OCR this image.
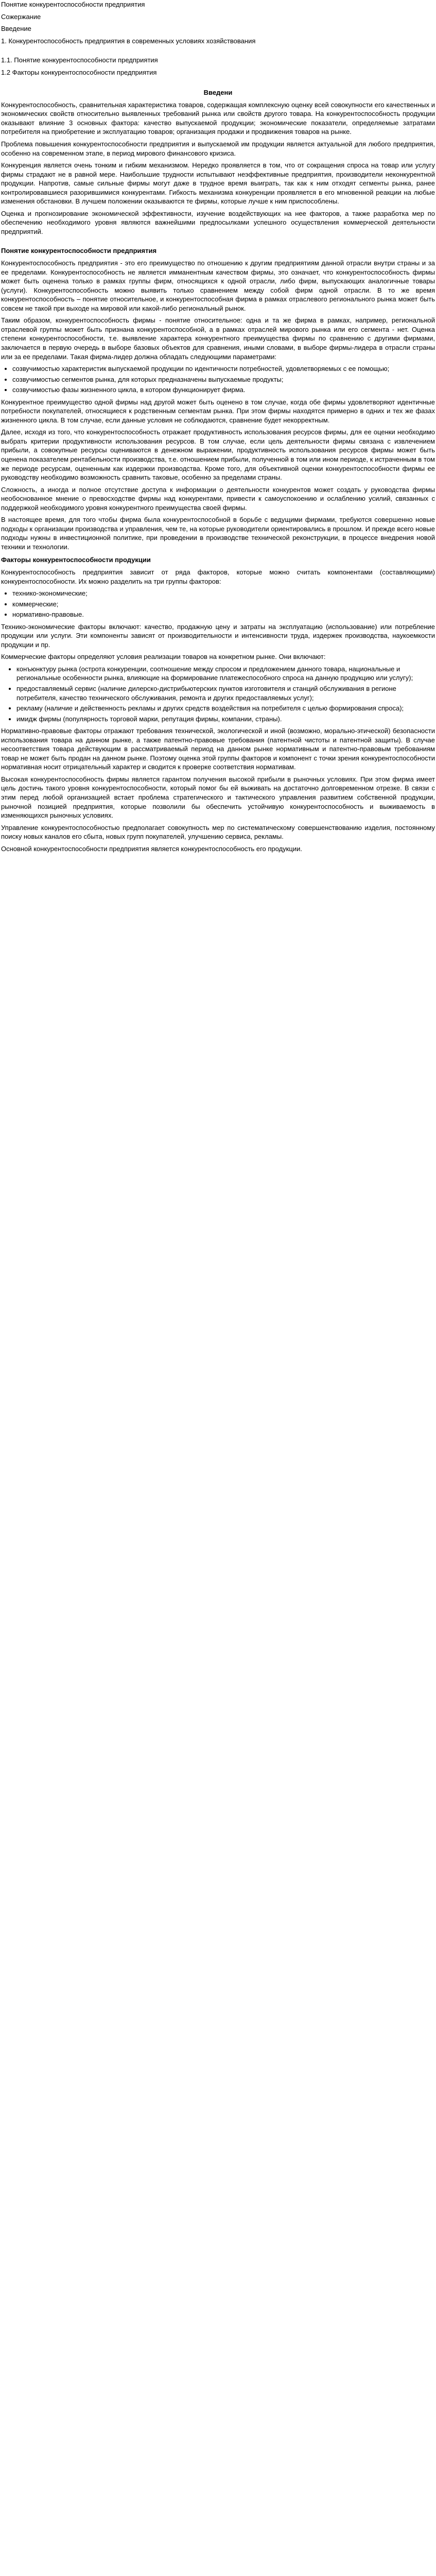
Понятие конкурентоспособности предприятия
Сожержание
Введение
1. Конкурентоспособность предприятия в современных условиях хозяйствования
1.1. Понятие конкурентоспособности предприятия
1.2 Факторы конкурентоспособности предприятия
Введени

Конкурентоспособность, сравнительная характеристика товаров, содержащая комплексную оценку всей совокупности его качественных и экономических свойств относительно выявленных требований рынка или свойств другого товара. На конкурентоспособность продукции оказывают влияние 3 основных фактора: качество выпускаемой продукции; экономические показатели, определяемые затратами потребителя на приобретение и эксплуатацию товаров; организация продажи и продвижения товаров на рынке.

Проблема повышения конкурентоспособности предприятия и выпускаемой им продукции является актуальной для любого предприятия, особенно на современном этапе, в период мирового финансового кризиса.

Конкуренция является очень тонким и гибким механизмом. Нередко проявляется в том, что от сокращения спроса на товар или услугу фирмы страдают не в равной мере. Наибольшие трудности испытывают неэффективные предприятия, производители неконкурентной продукции. Напротив, самые сильные фирмы могут даже в трудное время выиграть, так как к ним отходят сегменты рынка, ранее контролировавшиеся разорившимися конкурентами. Гибкость механизма конкуренции проявляется в его мгновенной реакции на любые изменения обстановки. В лучшем положении оказываются те фирмы, которые лучше к ним приспособлены.

Оценка и прогнозирование экономической эффективности, изучение воздействующих на нее факторов, а также разработка мер по обеспечению необходимого уровня являются важнейшими предпосылками успешного осуществления коммерческой деятельности предприятий.

Понятие конкурентоспособности предприятия

Конкурентоспособность предприятия - это его преимущество по отношению к другим предприятиям данной отрасли внутри страны и за ее пределами. Конкурентоспособность не является имманентным качеством фирмы, это означает, что конкурентоспособность фирмы может быть оценена только в рамках группы фирм, относящихся к одной отрасли, либо фирм, выпускающих аналогичные товары (услуги). Конкурентоспособность можно выявить только сравнением между собой фирм одной отрасли. В то же время конкурентоспособность – понятие относительное, и конкурентоспособная фирма в рамках отраслевого регионального рынка может быть совсем не такой при выходе на мировой или какой-либо региональный рынок.

Таким образом, конкурентоспособность фирмы - понятие относительное: одна и та же фирма в рамках, например, региональной отраслевой группы может быть признана конкурентоспособной, а в рамках отраслей мирового рынка или его сегмента - нет. Оценка степени конкурентоспособности, т.е. выявление характера конкурентного преимущества фирмы по сравнению с другими фирмами, заключается в первую очередь в выборе базовых объектов для сравнения, иными словами, в выборе фирмы-лидера в отрасли страны или за ее пределами. Такая фирма-лидер должна обладать следующими параметрами:

• созвучимостью характеристик выпускаемой продукции по идентичности потребностей, удовлетворяемых с ее помощью;
• созвучимостью сегментов рынка, для которых предназначены выпускаемые продукты;
• созвучимостью фазы жизненного цикла, в котором функционирует фирма.

Конкурентное преимущество одной фирмы над другой может быть оценено в том случае, когда обе фирмы удовлетворяют идентичные потребности покупателей, относящиеся к родственным сегментам рынка. При этом фирмы находятся примерно в одних и тех же фазах жизненного цикла. В том случае, если данные условия не соблюдаются, сравнение будет некорректным.

Далее, исходя из того, что конкурентоспособность отражает продуктивность использования ресурсов фирмы, для ее оценки необходимо выбрать критерии продуктивности использования ресурсов. В том случае, если цель деятельности фирмы связана с извлечением прибыли, а совокупные ресурсы оцениваются в денежном выражении, продуктивность использования ресурсов фирмы может быть оценена показателем рентабельности производства, т.е. отношением прибыли, полученной в том или ином периоде, к истраченным в том же периоде ресурсам, оцененным как издержки производства. Кроме того, для объективной оценки конкурентоспособности фирмы ее руководству необходимо возможность сравнить таковые, особенно за пределами страны.

Сложность, а иногда и полное отсутствие доступа к информации о деятельности конкурентов может создать у руководства фирмы необоснованное мнение о превосходстве фирмы над конкурентами, привести к самоуспокоению и ослаблению усилий, связанных с поддержкой необходимого уровня конкурентного преимущества своей фирмы.

В настоящее время, для того чтобы фирма была конкурентоспособной в борьбе с ведущими фирмами, требуются совершенно новые подходы к организации производства и управления, чем те, на которые руководители ориентировались в прошлом. И прежде всего новые подходы нужны в инвестиционной политике, при проведении в производстве технической реконструкции, в процессе внедрения новой техники и технологии.

Факторы конкурентоспособности продукции

Конкурентоспособность предприятия зависит от ряда факторов, которые можно считать компонентами (составляющими) конкурентоспособности. Их можно разделить на три группы факторов:

• технико-экономические;
• коммерческие;
• нормативно-правовые.

Технико-экономические факторы включают: качество, продажную цену и затраты на эксплуатацию (использование) или потребление продукции или услуги. Эти компоненты зависят от производительности и интенсивности труда, издержек производства, наукоемкости продукции и пр.

Коммерческие факторы определяют условия реализации товаров на конкретном рынке. Они включают:

• конъюнктуру рынка (острота конкуренции, соотношение между спросом и предложением данного товара, национальные и региональные особенности рынка, влияющие на формирование платежеспособного спроса на данную продукцию или услугу);
• предоставляемый сервис (наличие дилерско-дистрибьютерских пунктов изготовителя и станций обслуживания в регионе потребителя, качество технического обслуживания, ремонта и других предоставляемых услуг);
• рекламу (наличие и действенность рекламы и других средств воздействия на потребителя с целью формирования спроса);
• имидж фирмы (популярность торговой марки, репутация фирмы, компании, страны).

Нормативно-правовые факторы отражают требования технической, экологической и иной (возможно, морально-этической) безопасности использования товара на данном рынке, а также патентно-правовые требования (патентной чистоты и патентной защиты). В случае несоответствия товара действующим в рассматриваемый период на данном рынке нормативным и патентно-правовым требованиям товар не может быть продан на данном рынке. Поэтому оценка этой группы факторов и компонент с точки зрения конкурентоспособности нормативная носит отрицательный характер и сводится к проверке соответствия нормативам.

Высокая конкурентоспособность фирмы является гарантом получения высокой прибыли в рыночных условиях. При этом фирма имеет цель достичь такого уровня конкурентоспособности, который помог бы ей выживать на достаточно долговременном отрезке. В связи с этим перед любой организацией встает проблема стратегического и тактического управления развитием собственной продукции, рыночной позицией предприятия, которые позволили бы обеспечить устойчивую конкурентоспособность и выживаемость в изменяющихся рыночных условиях.

Управление конкурентоспособностью предполагает совокупность мер по систематическому совершенствованию изделия, постоянному поиску новых каналов его сбыта, новых групп покупателей, улучшению сервиса, рекламы.

Основной конкурентоспособности предприятия является конкурентоспособность его продукции.
